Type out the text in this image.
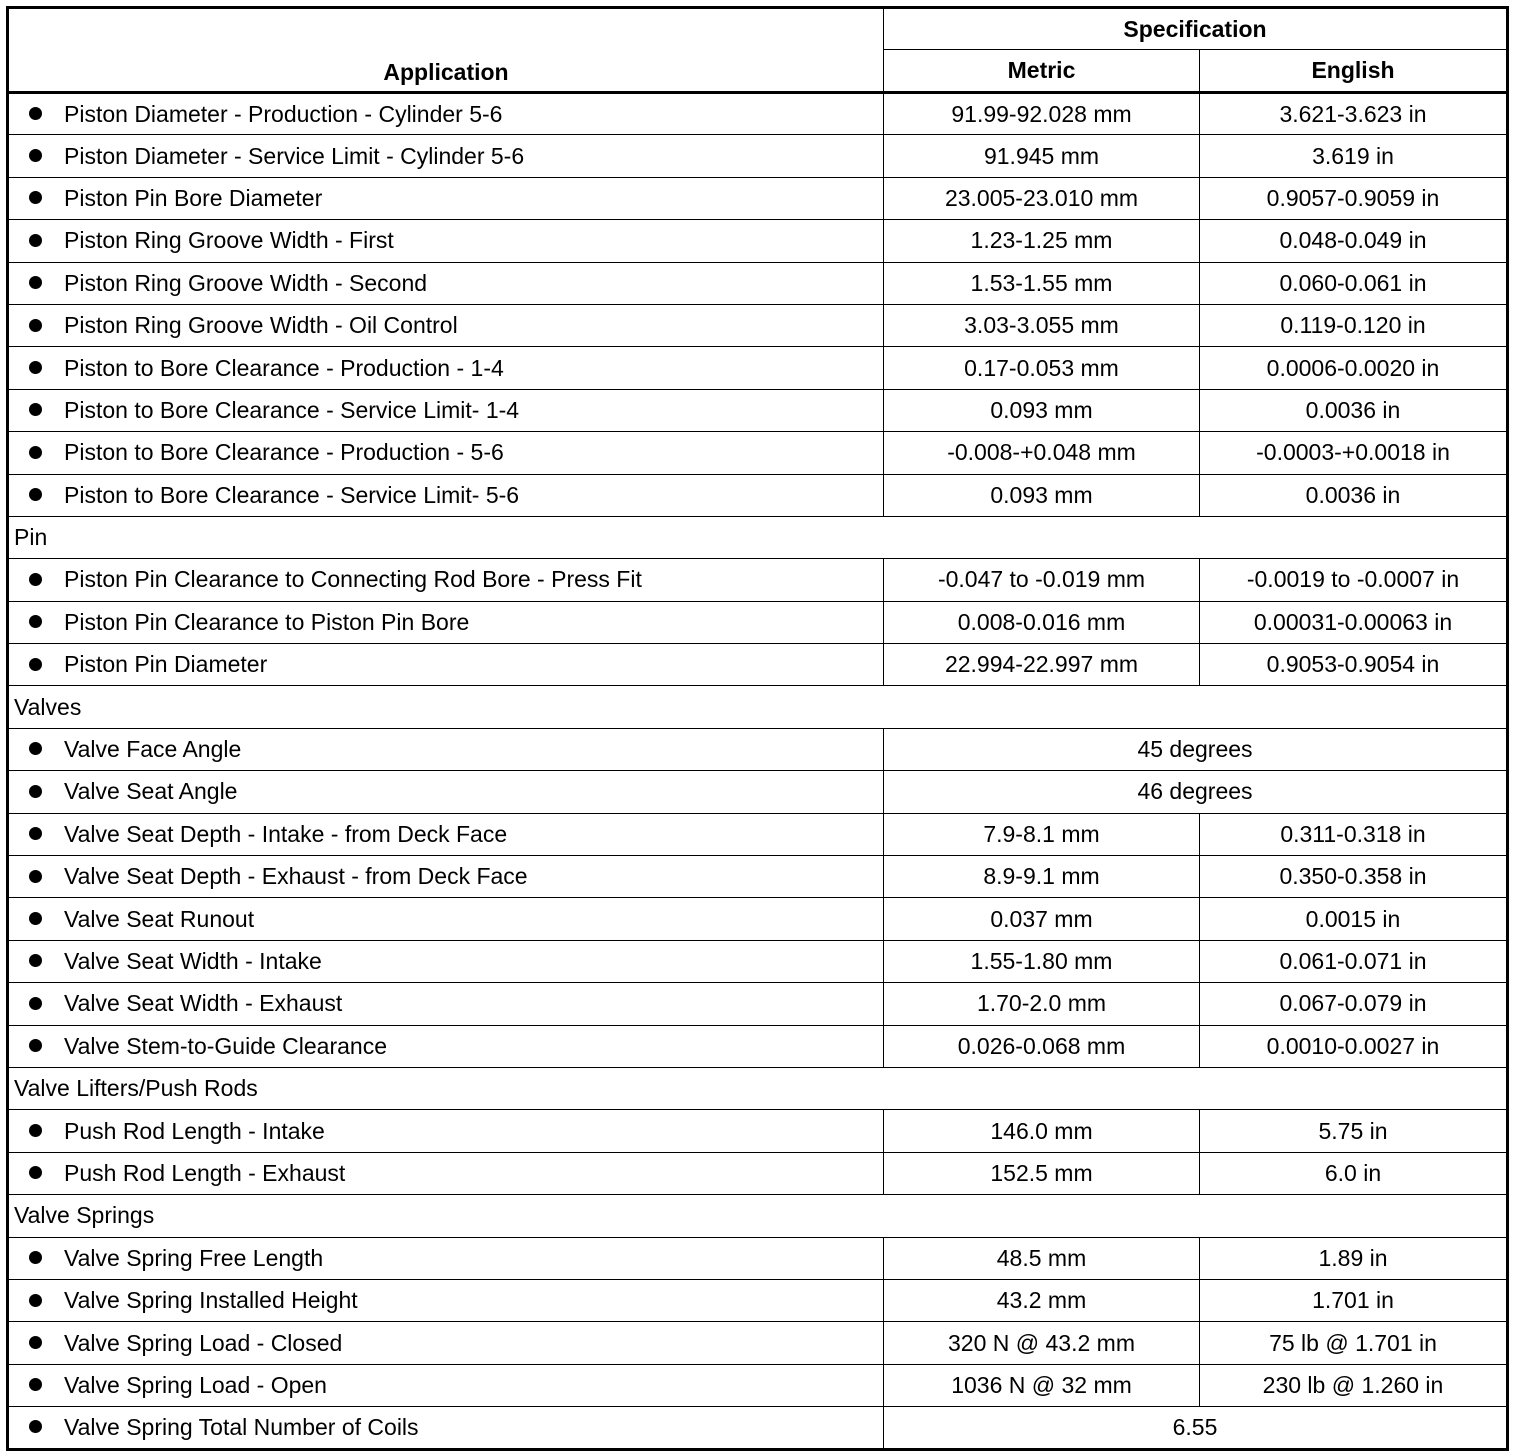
Application	Specification	
	Metric	English
Piston Diameter - Production - Cylinder 5-6	91.99-92.028 mm	3.621-3.623 in
Piston Diameter - Service Limit - Cylinder 5-6	91.945 mm	3.619 in
Piston Pin Bore Diameter	23.005-23.010 mm	0.9057-0.9059 in
Piston Ring Groove Width - First	1.23-1.25 mm	0.048-0.049 in
Piston Ring Groove Width - Second	1.53-1.55 mm	0.060-0.061 in
Piston Ring Groove Width - Oil Control	3.03-3.055 mm	0.119-0.120 in
Piston to Bore Clearance - Production - 1-4	0.17-0.053 mm	0.0006-0.0020 in
Piston to Bore Clearance - Service Limit- 1-4	0.093 mm	0.0036 in
Piston to Bore Clearance - Production - 5-6	-0.008-+0.048 mm	-0.0003-+0.0018 in
Piston to Bore Clearance - Service Limit- 5-6	0.093 mm	0.0036 in
Pin		
Piston Pin Clearance to Connecting Rod Bore - Press Fit	-0.047 to -0.019 mm	-0.0019 to -0.0007 in
Piston Pin Clearance to Piston Pin Bore	0.008-0.016 mm	0.00031-0.00063 in
Piston Pin Diameter	22.994-22.997 mm	0.9053-0.9054 in
Valves		
Valve Face Angle	45 degrees	
Valve Seat Angle	46 degrees	
Valve Seat Depth - Intake - from Deck Face	7.9-8.1 mm	0.311-0.318 in
Valve Seat Depth - Exhaust - from Deck Face	8.9-9.1 mm	0.350-0.358 in
Valve Seat Runout	0.037 mm	0.0015 in
Valve Seat Width - Intake	1.55-1.80 mm	0.061-0.071 in
Valve Seat Width - Exhaust	1.70-2.0 mm	0.067-0.079 in
Valve Stem-to-Guide Clearance	0.026-0.068 mm	0.0010-0.0027 in
Valve Lifters/Push Rods		
Push Rod Length - Intake	146.0 mm	5.75 in
Push Rod Length - Exhaust	152.5 mm	6.0 in
Valve Springs		
Valve Spring Free Length	48.5 mm	1.89 in
Valve Spring Installed Height	43.2 mm	1.701 in
Valve Spring Load - Closed	320 N @ 43.2 mm	75 lb @ 1.701 in
Valve Spring Load - Open	1036 N @ 32 mm	230 lb @ 1.260 in
Valve Spring Total Number of Coils	6.55	
